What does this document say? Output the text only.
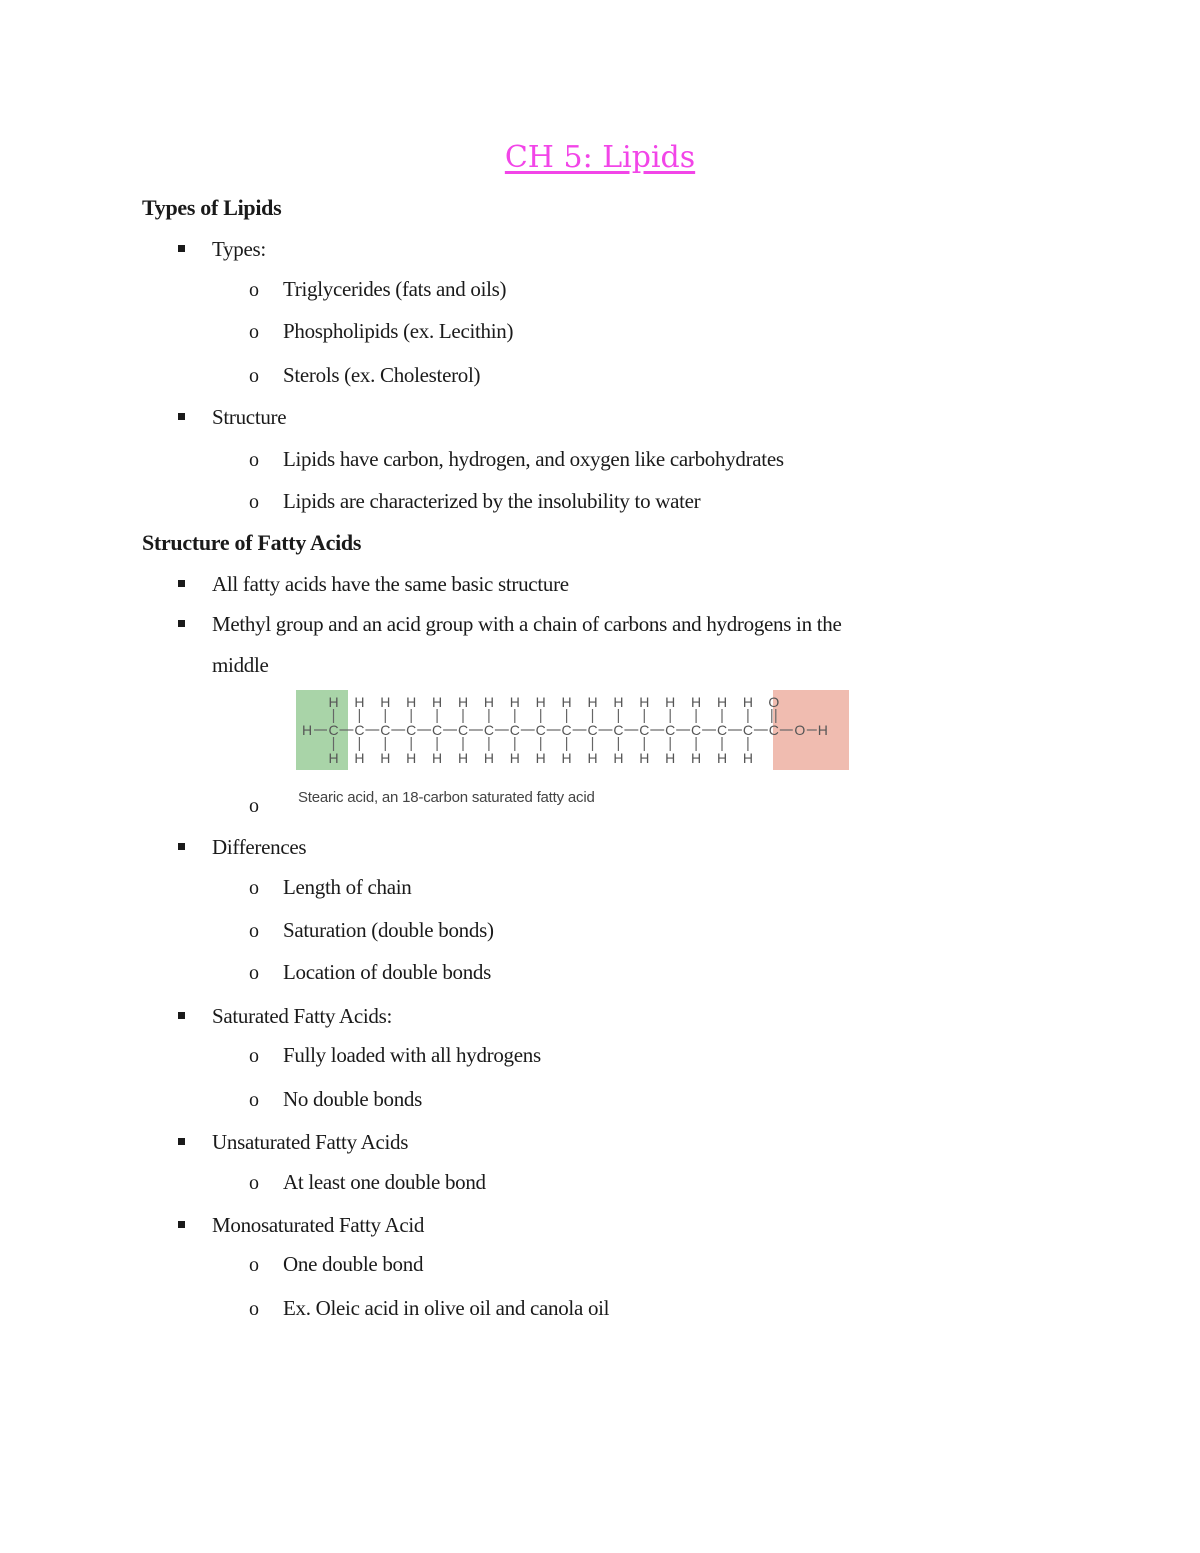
CH 5: Lipids
Types of Lipids
Types:
o Triglycerides (fats and oils)
o Phospholipids (ex. Lecithin)
o Sterols (ex. Cholesterol)
Structure
o Lipids have carbon, hydrogen, and oxygen like carbohydrates
o Lipids are characterized by the insolubility to water
Structure of Fatty Acids
All fatty acids have the same basic structure
Methyl group and an acid group with a chain of carbons and hydrogens in the
middle
H C
H
H
C
H
H
C
H
H
C
H
H
C
H
H
C
H
H
C
H
H
C
H
H
C
H
H
C
H
H
C
H
H
C
H
H
C
H
H
C
H
H
C
H
H
C
H
H
C
H
H
C
O
O H
o	Stearic acid, an 18-carbon saturated fatty acid
Differences
o Length of chain
o Saturation (double bonds)
o Location of double bonds
Saturated Fatty Acids:
o Fully loaded with all hydrogens
o No double bonds
Unsaturated Fatty Acids
o At least one double bond
Monosaturated Fatty Acid
o One double bond
o Ex. Oleic acid in olive oil and canola oil
